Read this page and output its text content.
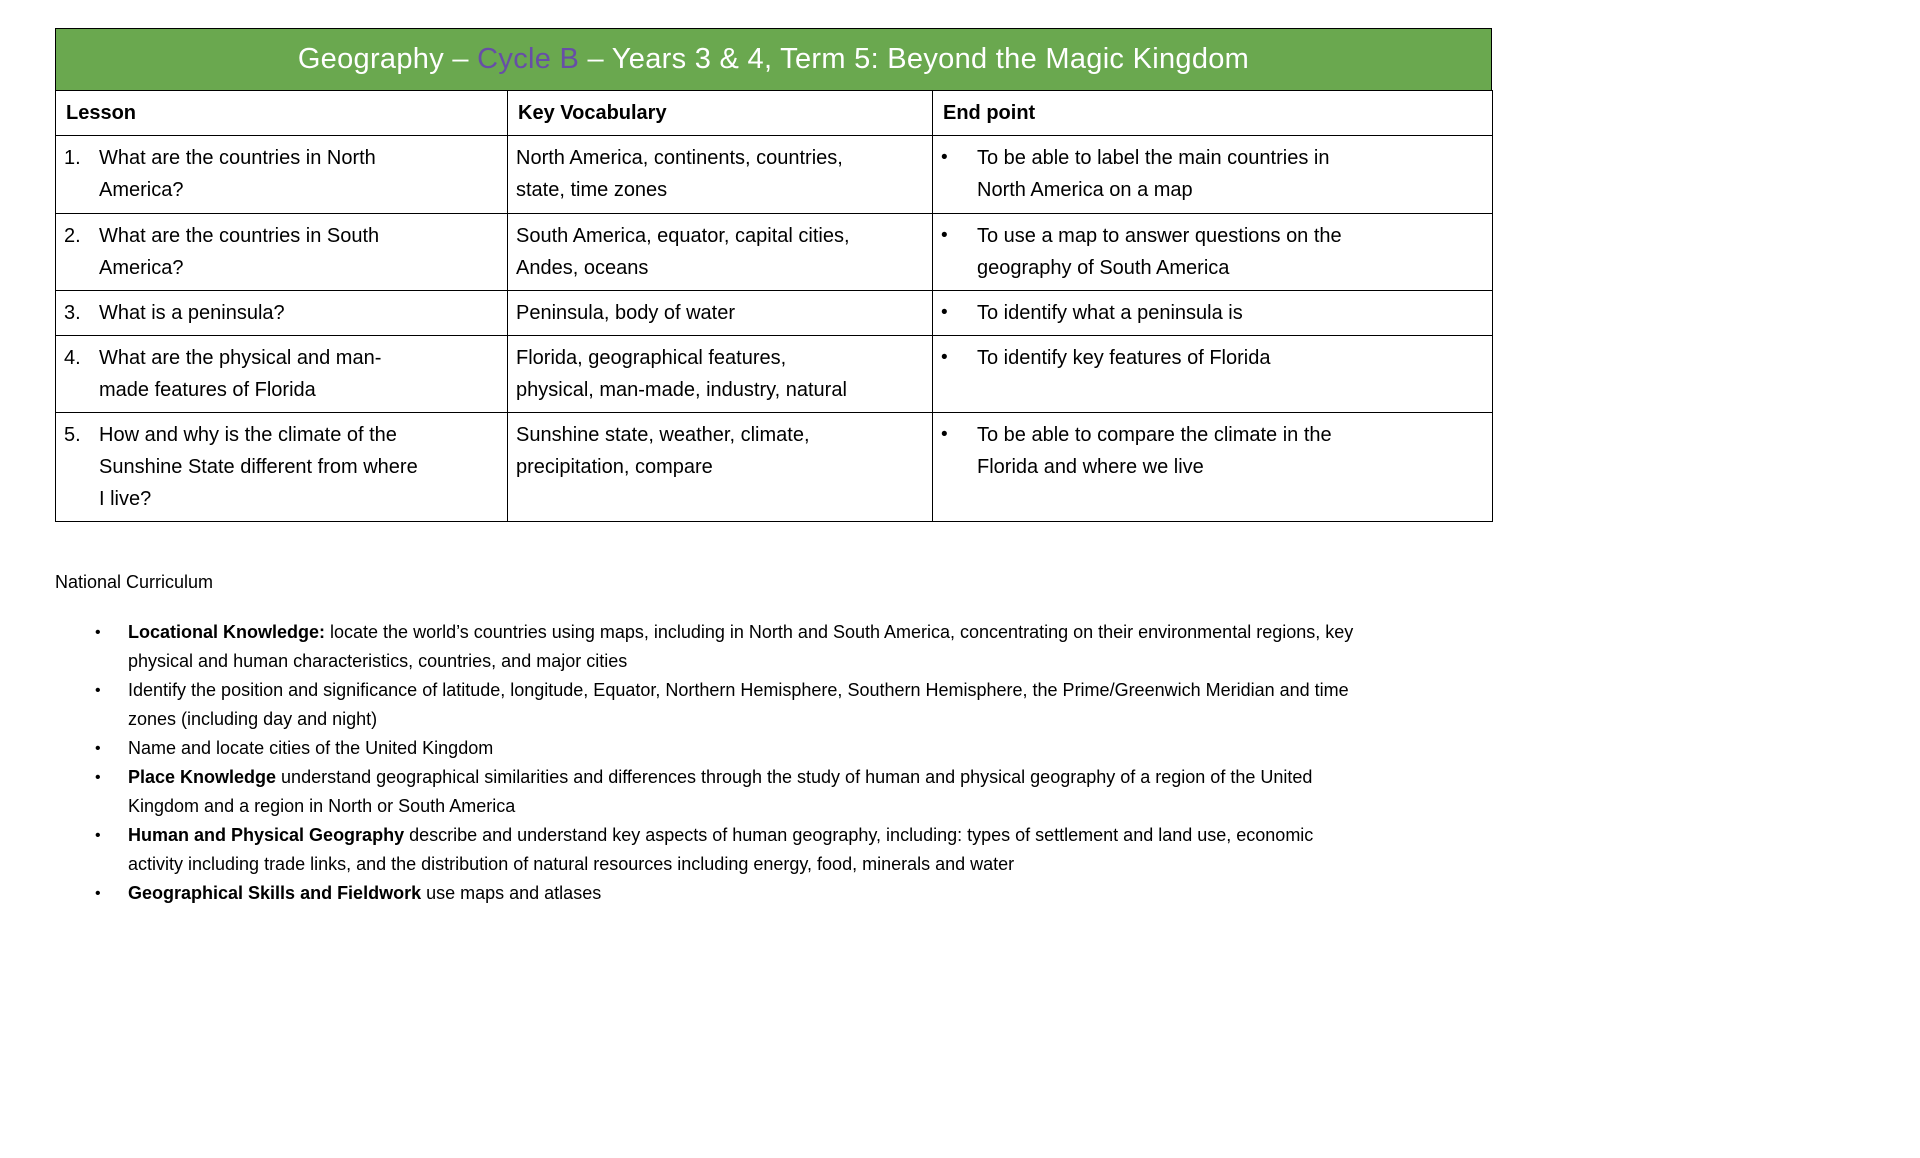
Geography – Cycle B – Years 3 & 4, Term 5: Beyond the Magic Kingdom
Lesson	Key Vocabulary	End point

1. What are the countries in North America?	North America, continents, countries, state, time zones	• To be able to label the main countries in North America on a map

2. What are the countries in South America?	South America, equator, capital cities, Andes, oceans	• To use a map to answer questions on the geography of South America

3. What is a peninsula?	Peninsula, body of water	• To identify what a peninsula is

4. What are the physical and man-made features of Florida	Florida, geographical features, physical, man-made, industry, natural	• To identify key features of Florida

5. How and why is the climate of the Sunshine State different from where I live?	Sunshine state, weather, climate, precipitation, compare	• To be able to compare the climate in the Florida and where we live
National Curriculum
•	Locational Knowledge: locate the world’s countries using maps, including in North and South America, concentrating on their environmental regions, key physical and human characteristics, countries, and major cities
•	Identify the position and significance of latitude, longitude, Equator, Northern Hemisphere, Southern Hemisphere, the Prime/Greenwich Meridian and time zones (including day and night)
•	Name and locate cities of the United Kingdom
•	Place Knowledge understand geographical similarities and differences through the study of human and physical geography of a region of the United Kingdom and a region in North or South America
•	Human and Physical Geography describe and understand key aspects of human geography, including: types of settlement and land use, economic activity including trade links, and the distribution of natural resources including energy, food, minerals and water
•	Geographical Skills and Fieldwork use maps and atlases
